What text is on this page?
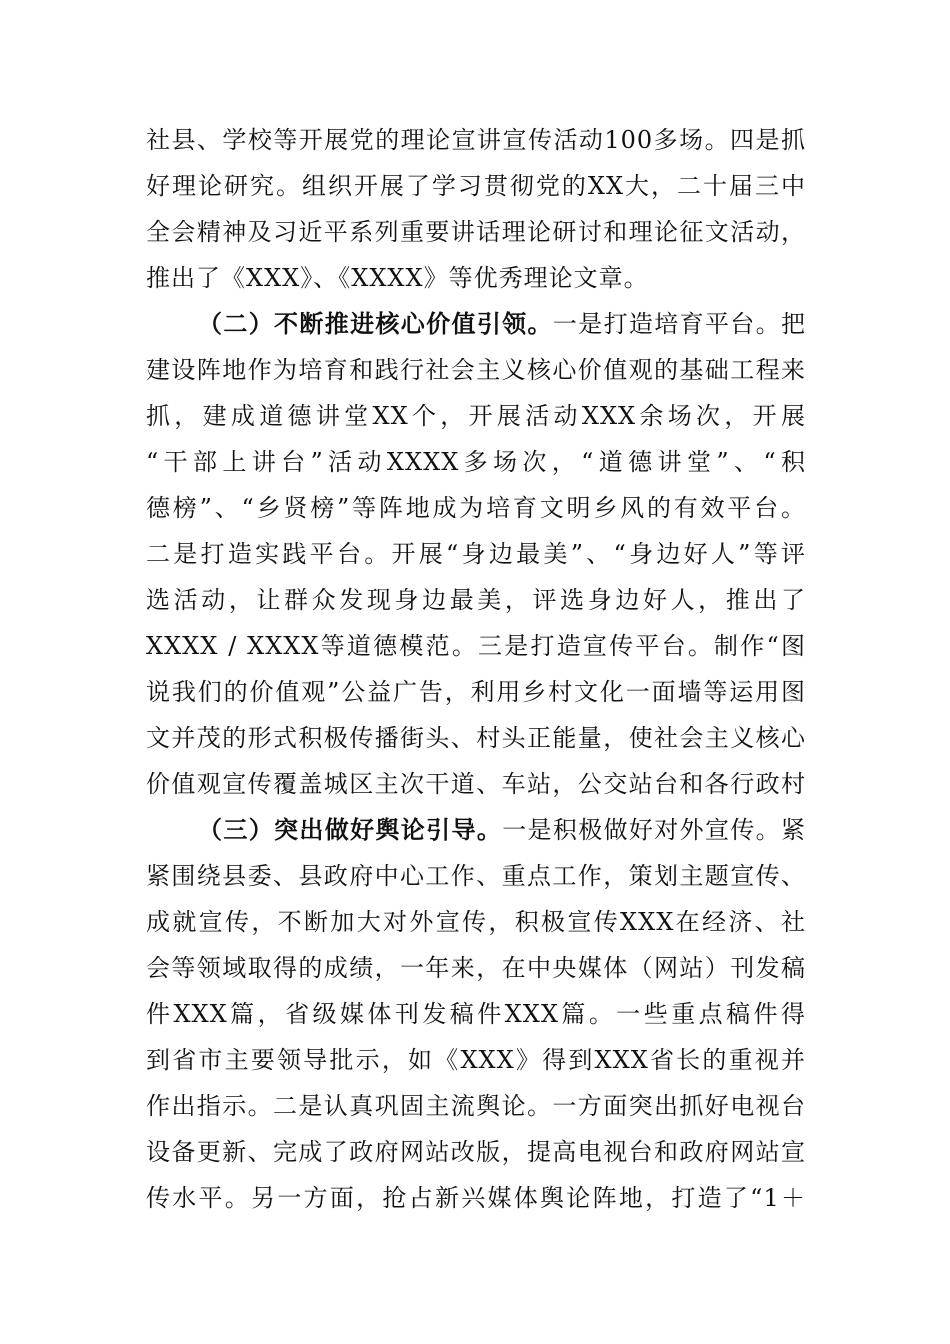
社县、学校等开展党的理论宣讲宣传活动100多场。四是抓
好理论研究。组织开展了学习贯彻党的XX大，二十届三中
全会精神及习近平系列重要讲话理论研讨和理论征文活动，
推出了《XXX》、《XXXX》等优秀理论文章。

（二）不断推进核心价值引领。一是打造培育平台。把
建设阵地作为培育和践行社会主义核心价值观的基础工程来
抓，建成道德讲堂XX个，开展活动XXX余场次，开展
“干部上讲台”活动XXXX多场次，“道德讲堂”、“积
德榜”、“乡贤榜”等阵地成为培育文明乡风的有效平台。
二是打造实践平台。开展“身边最美”、“身边好人”等评
选活动，让群众发现身边最美，评选身边好人，推出了
XXXX / XXXX等道德模范。三是打造宣传平台。制作“图
说我们的价值观”公益广告，利用乡村文化一面墙等运用图
文并茂的形式积极传播街头、村头正能量，使社会主义核心
价值观宣传覆盖城区主次干道、车站，公交站台和各行政村

（三）突出做好舆论引导。一是积极做好对外宣传。紧
紧围绕县委、县政府中心工作、重点工作，策划主题宣传、
成就宣传，不断加大对外宣传，积极宣传XXX在经济、社
会等领域取得的成绩，一年来，在中央媒体（网站）刊发稿
件XXX篇，省级媒体刊发稿件XXX篇。一些重点稿件得
到省市主要领导批示，如《XXX》得到XXX省长的重视并
作出指示。二是认真巩固主流舆论。一方面突出抓好电视台
设备更新、完成了政府网站改版，提高电视台和政府网站宣
传水平。另一方面，抢占新兴媒体舆论阵地，打造了“1＋
